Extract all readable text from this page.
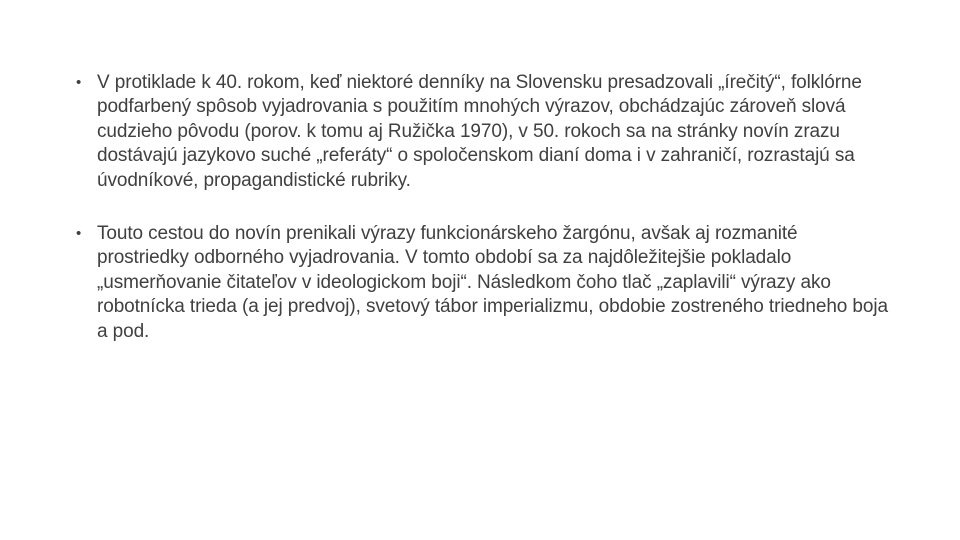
• V protiklade k 40. rokom, keď niektoré denníky na Slovensku presadzovali „írečitý“, folklórne podfarbený spôsob vyjadrovania s použitím mnohých výrazov, obchádzajúc zároveň slová cudzieho pôvodu (porov. k tomu aj Ružička 1970), v 50. rokoch sa na stránky novín zrazu dostávajú jazykovo suché „referáty“ o spoločenskom dianí doma i v zahraničí, rozrastajú sa úvodníkové, propagandistické rubriky.
• Touto cestou do novín prenikali výrazy funkcionárskeho žargónu, avšak aj rozmanité prostriedky odborného vyjadrovania. V tomto období sa za najdôležitejšie pokladalo „usmerňovanie čitateľov v ideologickom boji“. Následkom čoho tlač „zaplavili“ výrazy ako robotnícka trieda (a jej predvoj), svetový tábor imperializmu, obdobie zostreného triedneho boja a pod.
